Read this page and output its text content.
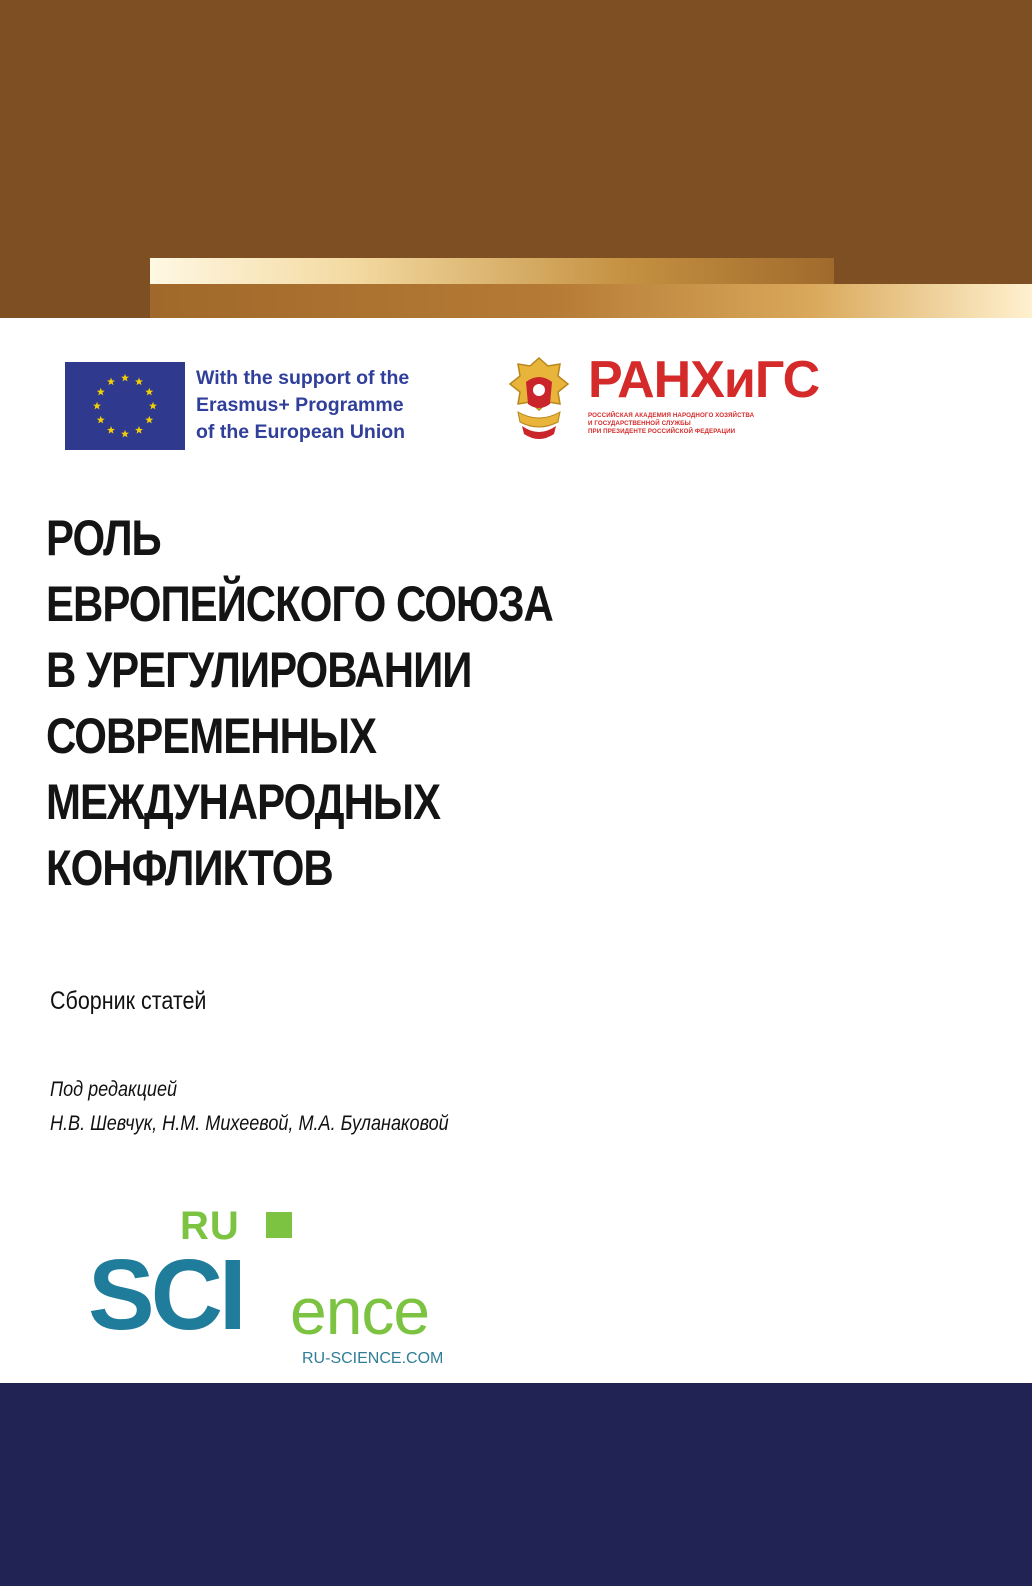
With the support of the
Erasmus+ Programme
of the European Union
РАНХиГС
РОССИЙСКАЯ АКАДЕМИЯ НАРОДНОГО ХОЗЯЙСТВА
И ГОСУДАРСТВЕННОЙ СЛУЖБЫ
ПРИ ПРЕЗИДЕНТЕ РОССИЙСКОЙ ФЕДЕРАЦИИ
РОЛЬ
ЕВРОПЕЙСКОГО СОЮЗА
В УРЕГУЛИРОВАНИИ
СОВРЕМЕННЫХ
МЕЖДУНАРОДНЫХ
КОНФЛИКТОВ
Сборник статей
Под редакцией
Н.В. Шевчук, Н.М. Михеевой, М.А. Буланаковой
RU
SCI ence
RU-SCIENCE.COM
